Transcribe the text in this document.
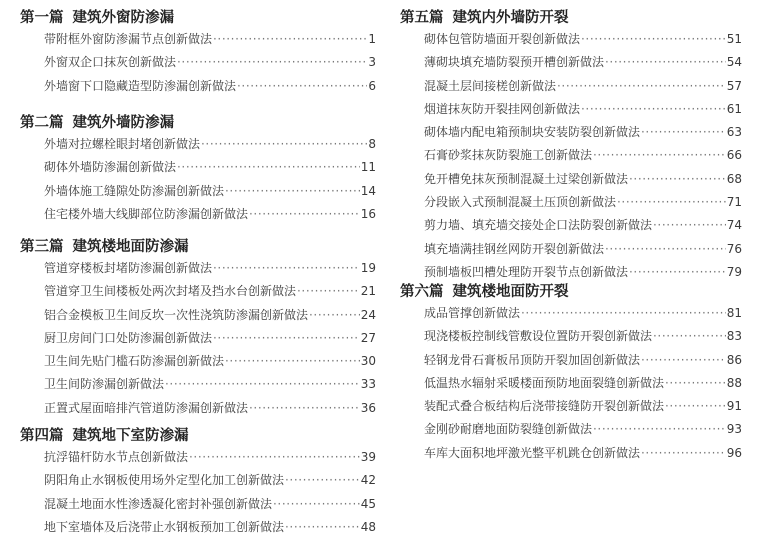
第一篇 建筑外窗防渗漏
带附框外窗防渗漏节点创新做法 ·····	1
外窗双企口抹灰创新做法 ·····	3
外墙窗下口隐藏造型防渗漏创新做法 ·····	6
第二篇 建筑外墙防渗漏
外墙对拉螺栓眼封堵创新做法 ·····	8
砌体外墙防渗漏创新做法 ·····	11
外墙体施工缝隙处防渗漏创新做法 ·····	14
住宅楼外墙大线脚部位防渗漏创新做法 ·····	16
第三篇 建筑楼地面防渗漏
管道穿楼板封堵防渗漏创新做法 ·····	19
管道穿卫生间楼板处两次封堵及挡水台创新做法 ·····	21
铝合金模板卫生间反坎一次性浇筑防渗漏创新做法 ·····	24
厨卫房间门口处防渗漏创新做法 ·····	27
卫生间先贴门槛石防渗漏创新做法 ·····	30
卫生间防渗漏创新做法 ·····	33
正置式屋面暗排汽管道防渗漏创新做法 ·····	36
第四篇 建筑地下室防渗漏
抗浮锚杆防水节点创新做法 ·····	39
阴阳角止水钢板使用场外定型化加工创新做法 ·····	42
混凝土地面水性渗透凝化密封补强创新做法 ·····	45
地下室墙体及后浇带止水钢板预加工创新做法 ·····	48
第五篇 建筑内外墙防开裂
砌体包管防墙面开裂创新做法 ·····	51
薄砌块填充墙防裂预开槽创新做法 ·····	54
混凝土层间接槎创新做法 ·····	57
烟道抹灰防开裂挂网创新做法 ·····	61
砌体墙内配电箱预制块安装防裂创新做法 ·····	63
石膏砂浆抹灰防裂施工创新做法 ·····	66
免开槽免抹灰预制混凝土过梁创新做法 ·····	68
分段嵌入式预制混凝土压顶创新做法 ·····	71
剪力墙、填充墙交接处企口法防裂创新做法 ·····	74
填充墙满挂钢丝网防开裂创新做法 ·····	76
预制墙板凹槽处理防开裂节点创新做法 ·····	79
第六篇 建筑楼地面防开裂
成品管撑创新做法 ·····	81
现浇楼板控制线管敷设位置防开裂创新做法 ·····	83
轻钢龙骨石膏板吊顶防开裂加固创新做法 ·····	86
低温热水辐射采暖楼面预防地面裂缝创新做法 ·····	88
装配式叠合板结构后浇带接缝防开裂创新做法 ·····	91
金刚砂耐磨地面防裂缝创新做法 ·····	93
车库大面积地坪激光整平机跳仓创新做法 ·····	96
